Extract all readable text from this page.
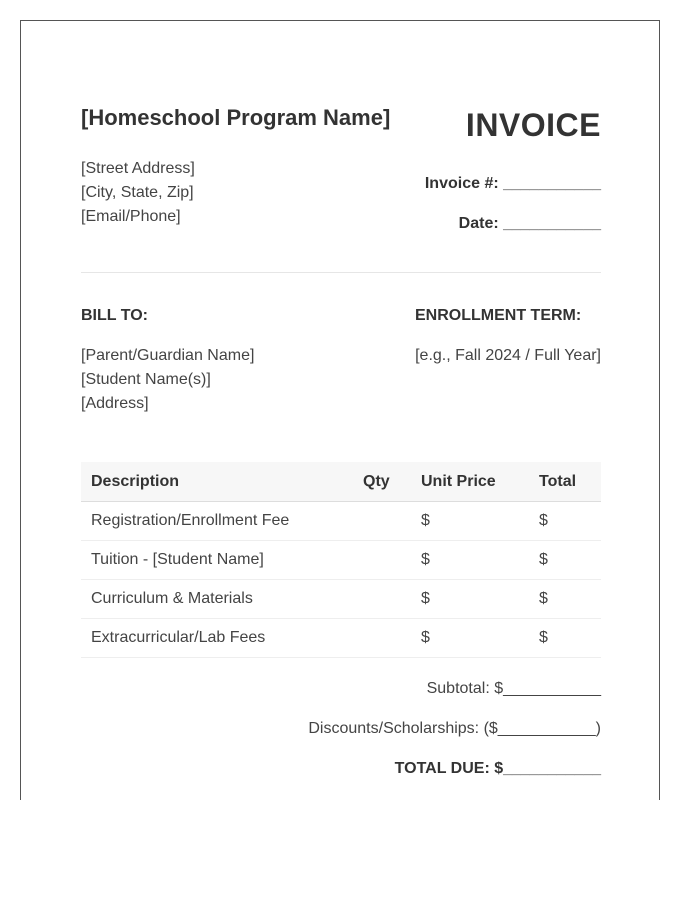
[Homeschool Program Name] INVOICE
[Street Address]
[City, State, Zip]
[Email/Phone]
Invoice #: ___________
Date: ___________
BILL TO:	ENROLLMENT TERM:
[Parent/Guardian Name]
[Student Name(s)]
[Address]
[e.g., Fall 2024 / Full Year]
Description	Qty	Unit Price	Total
Registration/Enrollment Fee		$	$
Tuition - [Student Name]		$	$
Curriculum & Materials		$	$
Extracurricular/Lab Fees		$	$
Subtotal: $___________
Discounts/Scholarships: ($___________)
TOTAL DUE: $___________
